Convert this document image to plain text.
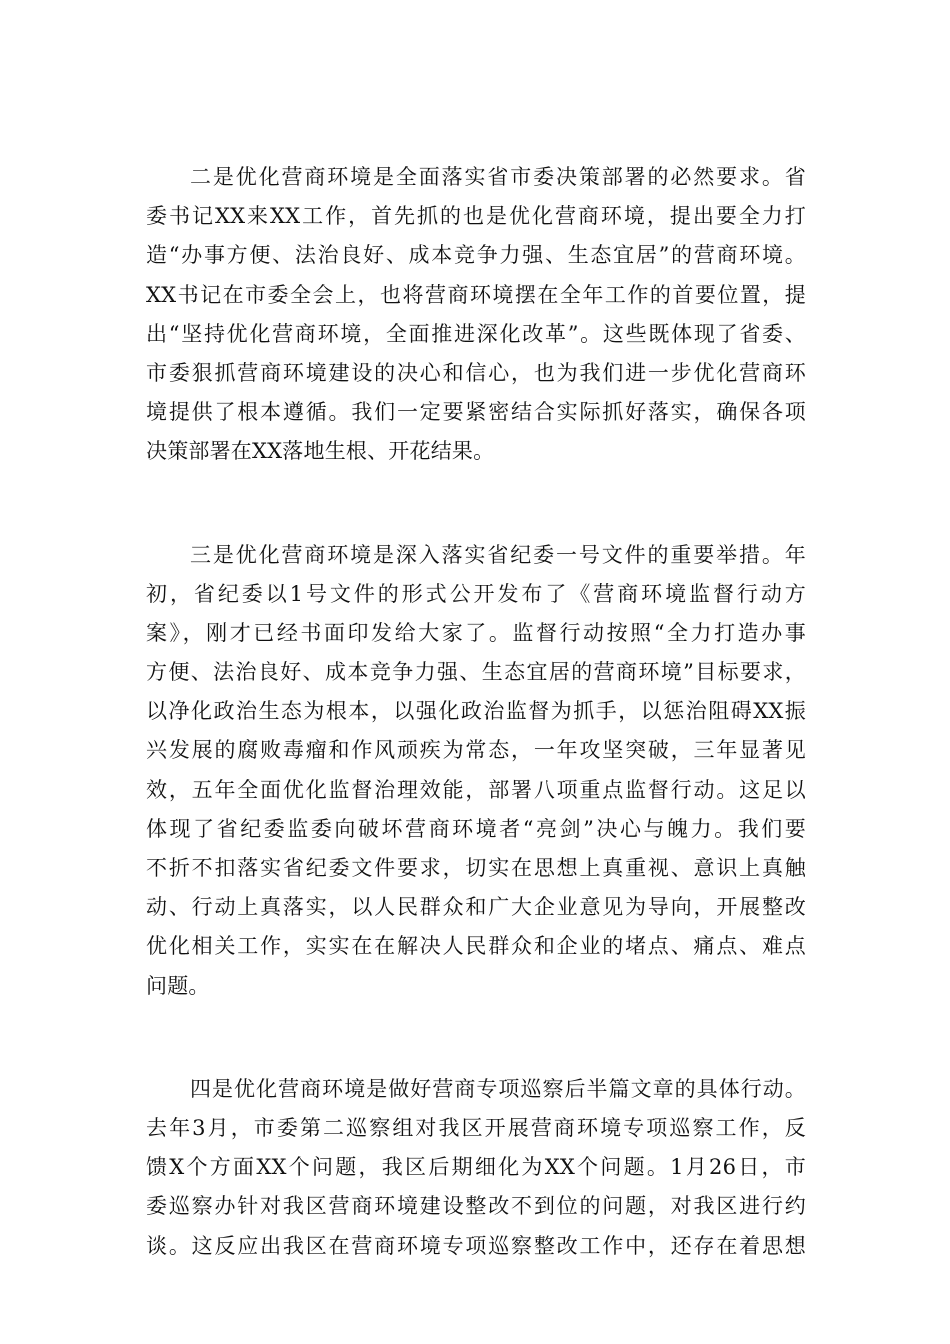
二是优化营商环境是全面落实省市委决策部署的必然要求。省
委书记XX来XX工作，首先抓的也是优化营商环境，提出要全力打
造“办事方便、法治良好、成本竞争力强、生态宜居”的营商环境。
XX书记在市委全会上，也将营商环境摆在全年工作的首要位置，提
出“坚持优化营商环境，全面推进深化改革”。这些既体现了省委、
市委狠抓营商环境建设的决心和信心，也为我们进一步优化营商环
境提供了根本遵循。我们一定要紧密结合实际抓好落实，确保各项
决策部署在XX落地生根、开花结果。
三是优化营商环境是深入落实省纪委一号文件的重要举措。年
初，省纪委以1号文件的形式公开发布了《营商环境监督行动方
案》，刚才已经书面印发给大家了。监督行动按照“全力打造办事
方便、法治良好、成本竞争力强、生态宜居的营商环境”目标要求，
以净化政治生态为根本，以强化政治监督为抓手，以惩治阻碍XX振
兴发展的腐败毒瘤和作风顽疾为常态，一年攻坚突破，三年显著见
效，五年全面优化监督治理效能，部署八项重点监督行动。这足以
体现了省纪委监委向破坏营商环境者“亮剑”决心与魄力。我们要
不折不扣落实省纪委文件要求，切实在思想上真重视、意识上真触
动、行动上真落实，以人民群众和广大企业意见为导向，开展整改
优化相关工作，实实在在解决人民群众和企业的堵点、痛点、难点
问题。
四是优化营商环境是做好营商专项巡察后半篇文章的具体行动。
去年3月，市委第二巡察组对我区开展营商环境专项巡察工作，反
馈X个方面XX个问题，我区后期细化为XX个问题。1月26日，市
委巡察办针对我区营商环境建设整改不到位的问题，对我区进行约
谈。这反应出我区在营商环境专项巡察整改工作中，还存在着思想
